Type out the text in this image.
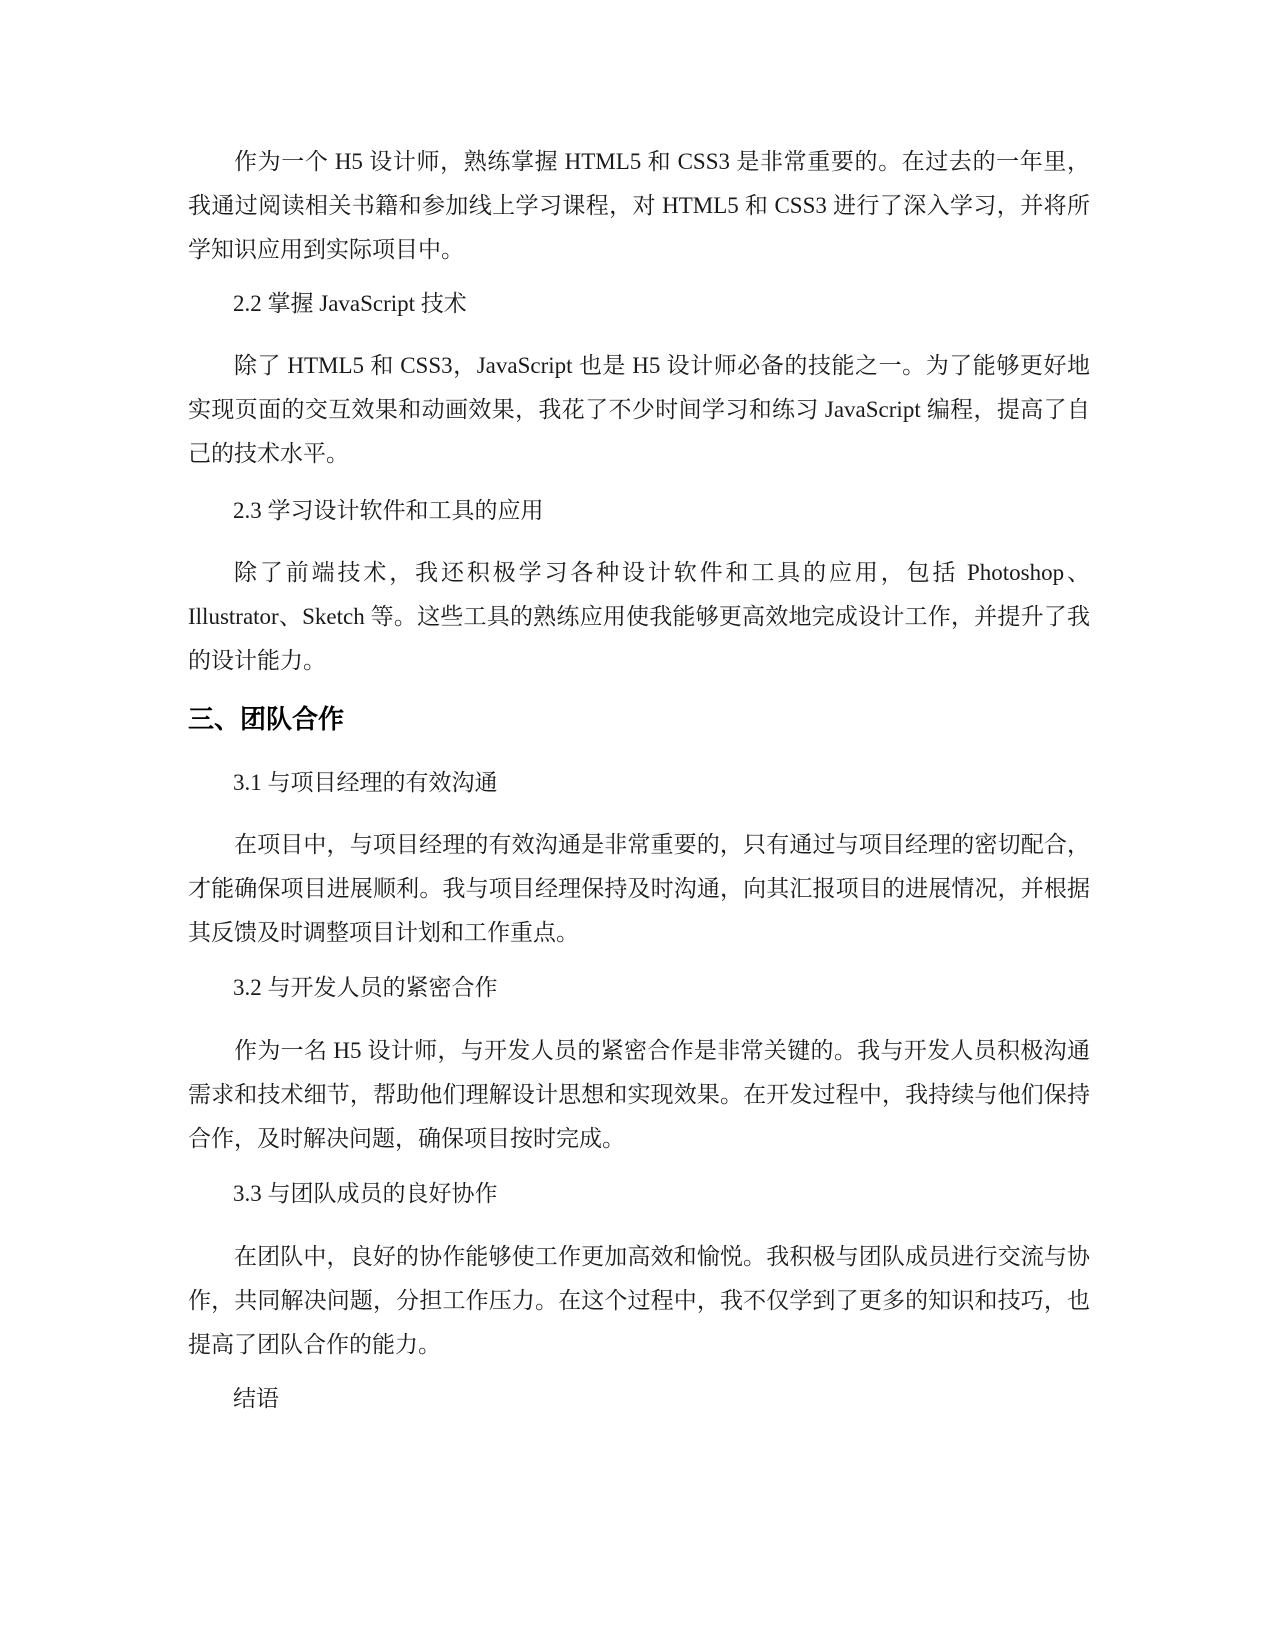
作为一个 H5 设计师，熟练掌握 HTML5 和 CSS3 是非常重要的。在过去的一年里，我通过阅读相关书籍和参加线上学习课程，对 HTML5 和 CSS3 进行了深入学习，并将所学知识应用到实际项目中。

2.2 掌握 JavaScript 技术

除了 HTML5 和 CSS3，JavaScript 也是 H5 设计师必备的技能之一。为了能够更好地实现页面的交互效果和动画效果，我花了不少时间学习和练习 JavaScript 编程，提高了自己的技术水平。

2.3 学习设计软件和工具的应用

除了前端技术，我还积极学习各种设计软件和工具的应用，包括 Photoshop、Illustrator、Sketch 等。这些工具的熟练应用使我能够更高效地完成设计工作，并提升了我的设计能力。

三、团队合作

3.1 与项目经理的有效沟通

在项目中，与项目经理的有效沟通是非常重要的，只有通过与项目经理的密切配合，才能确保项目进展顺利。我与项目经理保持及时沟通，向其汇报项目的进展情况，并根据其反馈及时调整项目计划和工作重点。

3.2 与开发人员的紧密合作

作为一名 H5 设计师，与开发人员的紧密合作是非常关键的。我与开发人员积极沟通需求和技术细节，帮助他们理解设计思想和实现效果。在开发过程中，我持续与他们保持合作，及时解决问题，确保项目按时完成。

3.3 与团队成员的良好协作

在团队中，良好的协作能够使工作更加高效和愉悦。我积极与团队成员进行交流与协作，共同解决问题，分担工作压力。在这个过程中，我不仅学到了更多的知识和技巧，也提高了团队合作的能力。

结语
